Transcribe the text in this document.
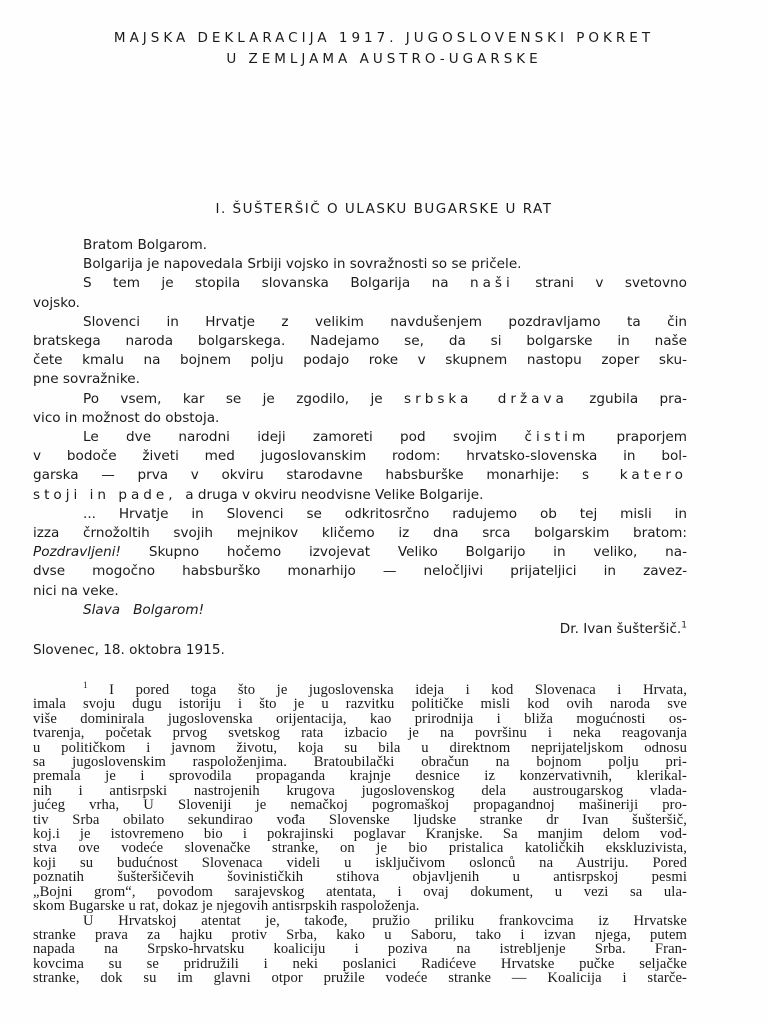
MAJSKA DEKLARACIJA 1917. JUGOSLOVENSKI POKRET
U ZEMLJAMA AUSTRO-UGARSKE
I. ŠUŠTERŠIČ O ULASKU BUGARSKE U RAT
Bratom Bolgarom.
Bolgarija je napovedala Srbiji vojsko in sovražnosti so se pričele.
S tem je stopila slovanska Bolgarija na naši strani v svetovno
vojsko.
Slovenci in Hrvatje z velikim navdušenjem pozdravljamo ta čin
bratskega naroda bolgarskega. Nadejamo se, da si bolgarske in naše
čete kmalu na bojnem polju podajo roke v skupnem nastopu zoper sku-
pne sovražnike.
Po vsem, kar se je zgodilo, je srbska država zgubila pra-
vico in možnost do obstoja.
Le dve narodni ideji zamoreti pod svojim čistim praporjem
v bodoče živeti med jugoslovanskim rodom: hrvatsko-slovenska in bol-
garska — prva v okviru starodavne habsburške monarhije: s katero
stoji in pade, a druga v okviru neodvisne Velike Bolgarije.
... Hrvatje in Slovenci se odkritosrčno radujemo ob tej misli in
izza črnožoltih svojih mejnikov kličemo iz dna srca bolgarskim bratom:
Pozdravljeni! Skupno hočemo izvojevat Veliko Bolgarijo in veliko, na-
dvse mogočno habsburško monarhijo — neločljivi prijateljici in zavez-
nici na veke.
Slava   Bolgarom!
Dr. Ivan šušteršič.$^1$
Slovenec, 18. oktobra 1915.
$^1$ I pored toga što je jugoslovenska ideja i kod Slovenaca i Hrvata,
imala svoju dugu istoriju i što je u razvitku političke misli kod ovih naroda sve
više dominirala jugoslovenska orijentacija, kao prirodnija i bliža mogućnosti os-
tvarenja, početak prvog svetskog rata izbacio je na površinu i neka reagovanja
u političkom i javnom životu, koja su bila u direktnom neprijateljskom odnosu
sa jugoslovenskim raspoloženjima. Bratoubilački obračun na bojnom polju pri-
premala je i sprovodila propaganda krajnje desnice iz konzervativnih, klerikal-
nih i antisrpski nastrojenih krugova jugoslovenskog dela austrougarskog vlada-
jućeg vrha, U Sloveniji je nemačkoj pogromaškoj propagandnoj mašineriji pro-
tiv Srba obilato sekundirao vođa Slovenske ljudske stranke dr Ivan šušteršič,
koj.i je istovremeno bio i pokrajinski poglavar Kranjske. Sa manjim delom vod-
stva ove vodeće slovenačke stranke, on je bio pristalica katoličkih ekskluzivista,
koji su budućnost Slovenaca videli u isključivom oslonců na Austriju. Pored
poznatih šušteršičevih šovinističkih stihova objavljenih u antisrpskoj pesmi
„Bojni grom“, povodom sarajevskog atentata, i ovaj dokument, u vezi sa ula-
skom Bugarske u rat, dokaz je njegovih antisrpskih raspoloženja.
U Hrvatskoj atentat je, takođe, pružio priliku frankovcima iz Hrvatske
stranke prava za hajku protiv Srba, kako u Saboru, tako i izvan njega, putem
napada na Srpsko-hrvatsku koaliciju i poziva na istrebljenje Srba. Fran-
kovcima su se pridružili i neki poslanici Radićeve Hrvatske pučke seljačke
stranke, dok su im glavni otpor pružile vodeće stranke — Koalicija i starče-
